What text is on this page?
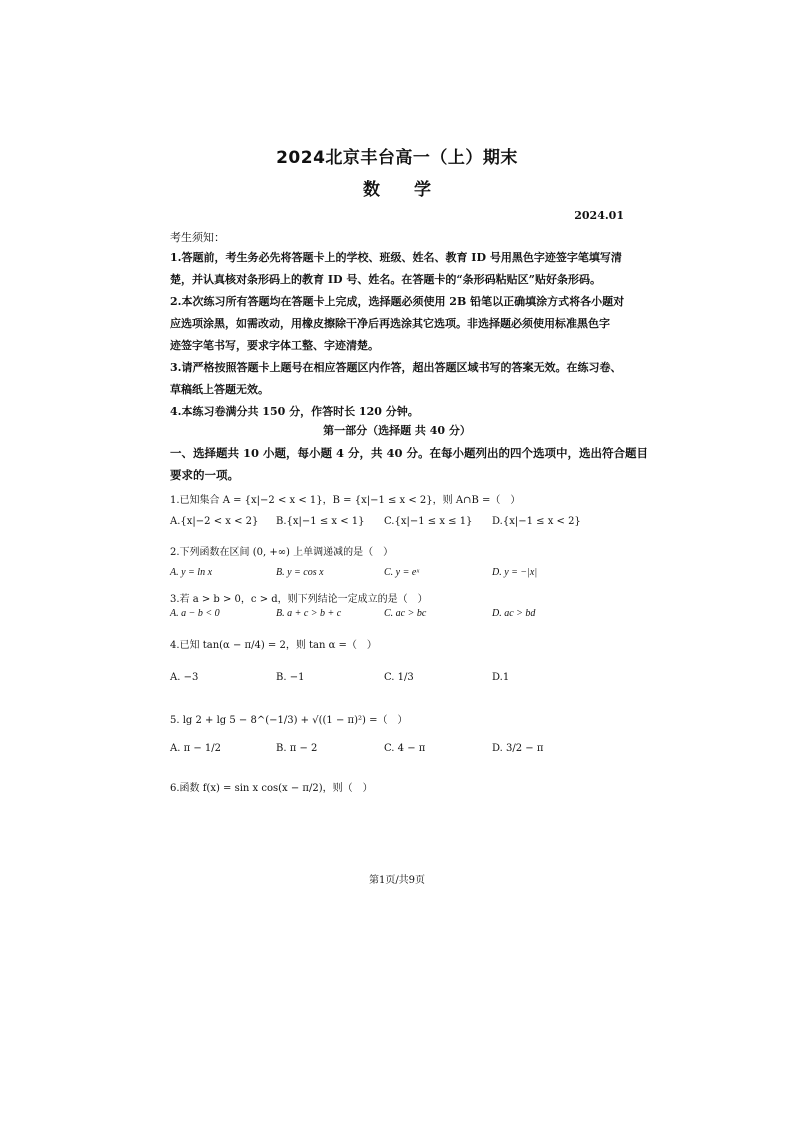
2024北京丰台高一（上）期末
数　　学
2024.01
考生须知：
1.答题前，考生务必先将答题卡上的学校、班级、姓名、教育 ID 号用黑色字迹签字笔填写清
楚，并认真核对条形码上的教育 ID 号、姓名。在答题卡的“条形码粘贴区”贴好条形码。
2.本次练习所有答题均在答题卡上完成，选择题必须使用 2B 铅笔以正确填涂方式将各小题对
应选项涂黑，如需改动，用橡皮擦除干净后再选涂其它选项。非选择题必须使用标准黑色字
迹签字笔书写，要求字体工整、字迹清楚。
3.请严格按照答题卡上题号在相应答题区内作答，超出答题区域书写的答案无效。在练习卷、
草稿纸上答题无效。
4.本练习卷满分共 150 分，作答时长 120 分钟。
第一部分（选择题 共 40 分）
一、选择题共 10 小题，每小题 4 分，共 40 分。在每小题列出的四个选项中，选出符合题目
要求的一项。
1.已知集合 A = {x|−2 < x < 1}，B = {x|−1 ≤ x < 2}，则 A∩B =（　）
A.{x|−2 < x < 2} B.{x|−1 ≤ x < 1} C.{x|−1 ≤ x ≤ 1} D.{x|−1 ≤ x < 2}
2.下列函数在区间 (0, +∞) 上单调递减的是（　）
A. y = ln x	B. y = cos x	C. y = eˣ	D. y = −|x|
3.若 a > b > 0，c > d，则下列结论一定成立的是（　）
A. a − b < 0	B. a + c > b + c	C. ac > bc	D. ac > bd
4.已知 tan(α − π/4) = 2，则 tan α =（　）
A. −3	B. −1	C. 1/3	D.1
5. lg 2 + lg 5 − 8^(−1/3) + √((1 − π)²) =（　）
A. π − 1/2	B. π − 2	C. 4 − π	D. 3/2 − π
6.函数 f(x) = sin x cos(x − π/2)，则（　）
第1页/共9页
